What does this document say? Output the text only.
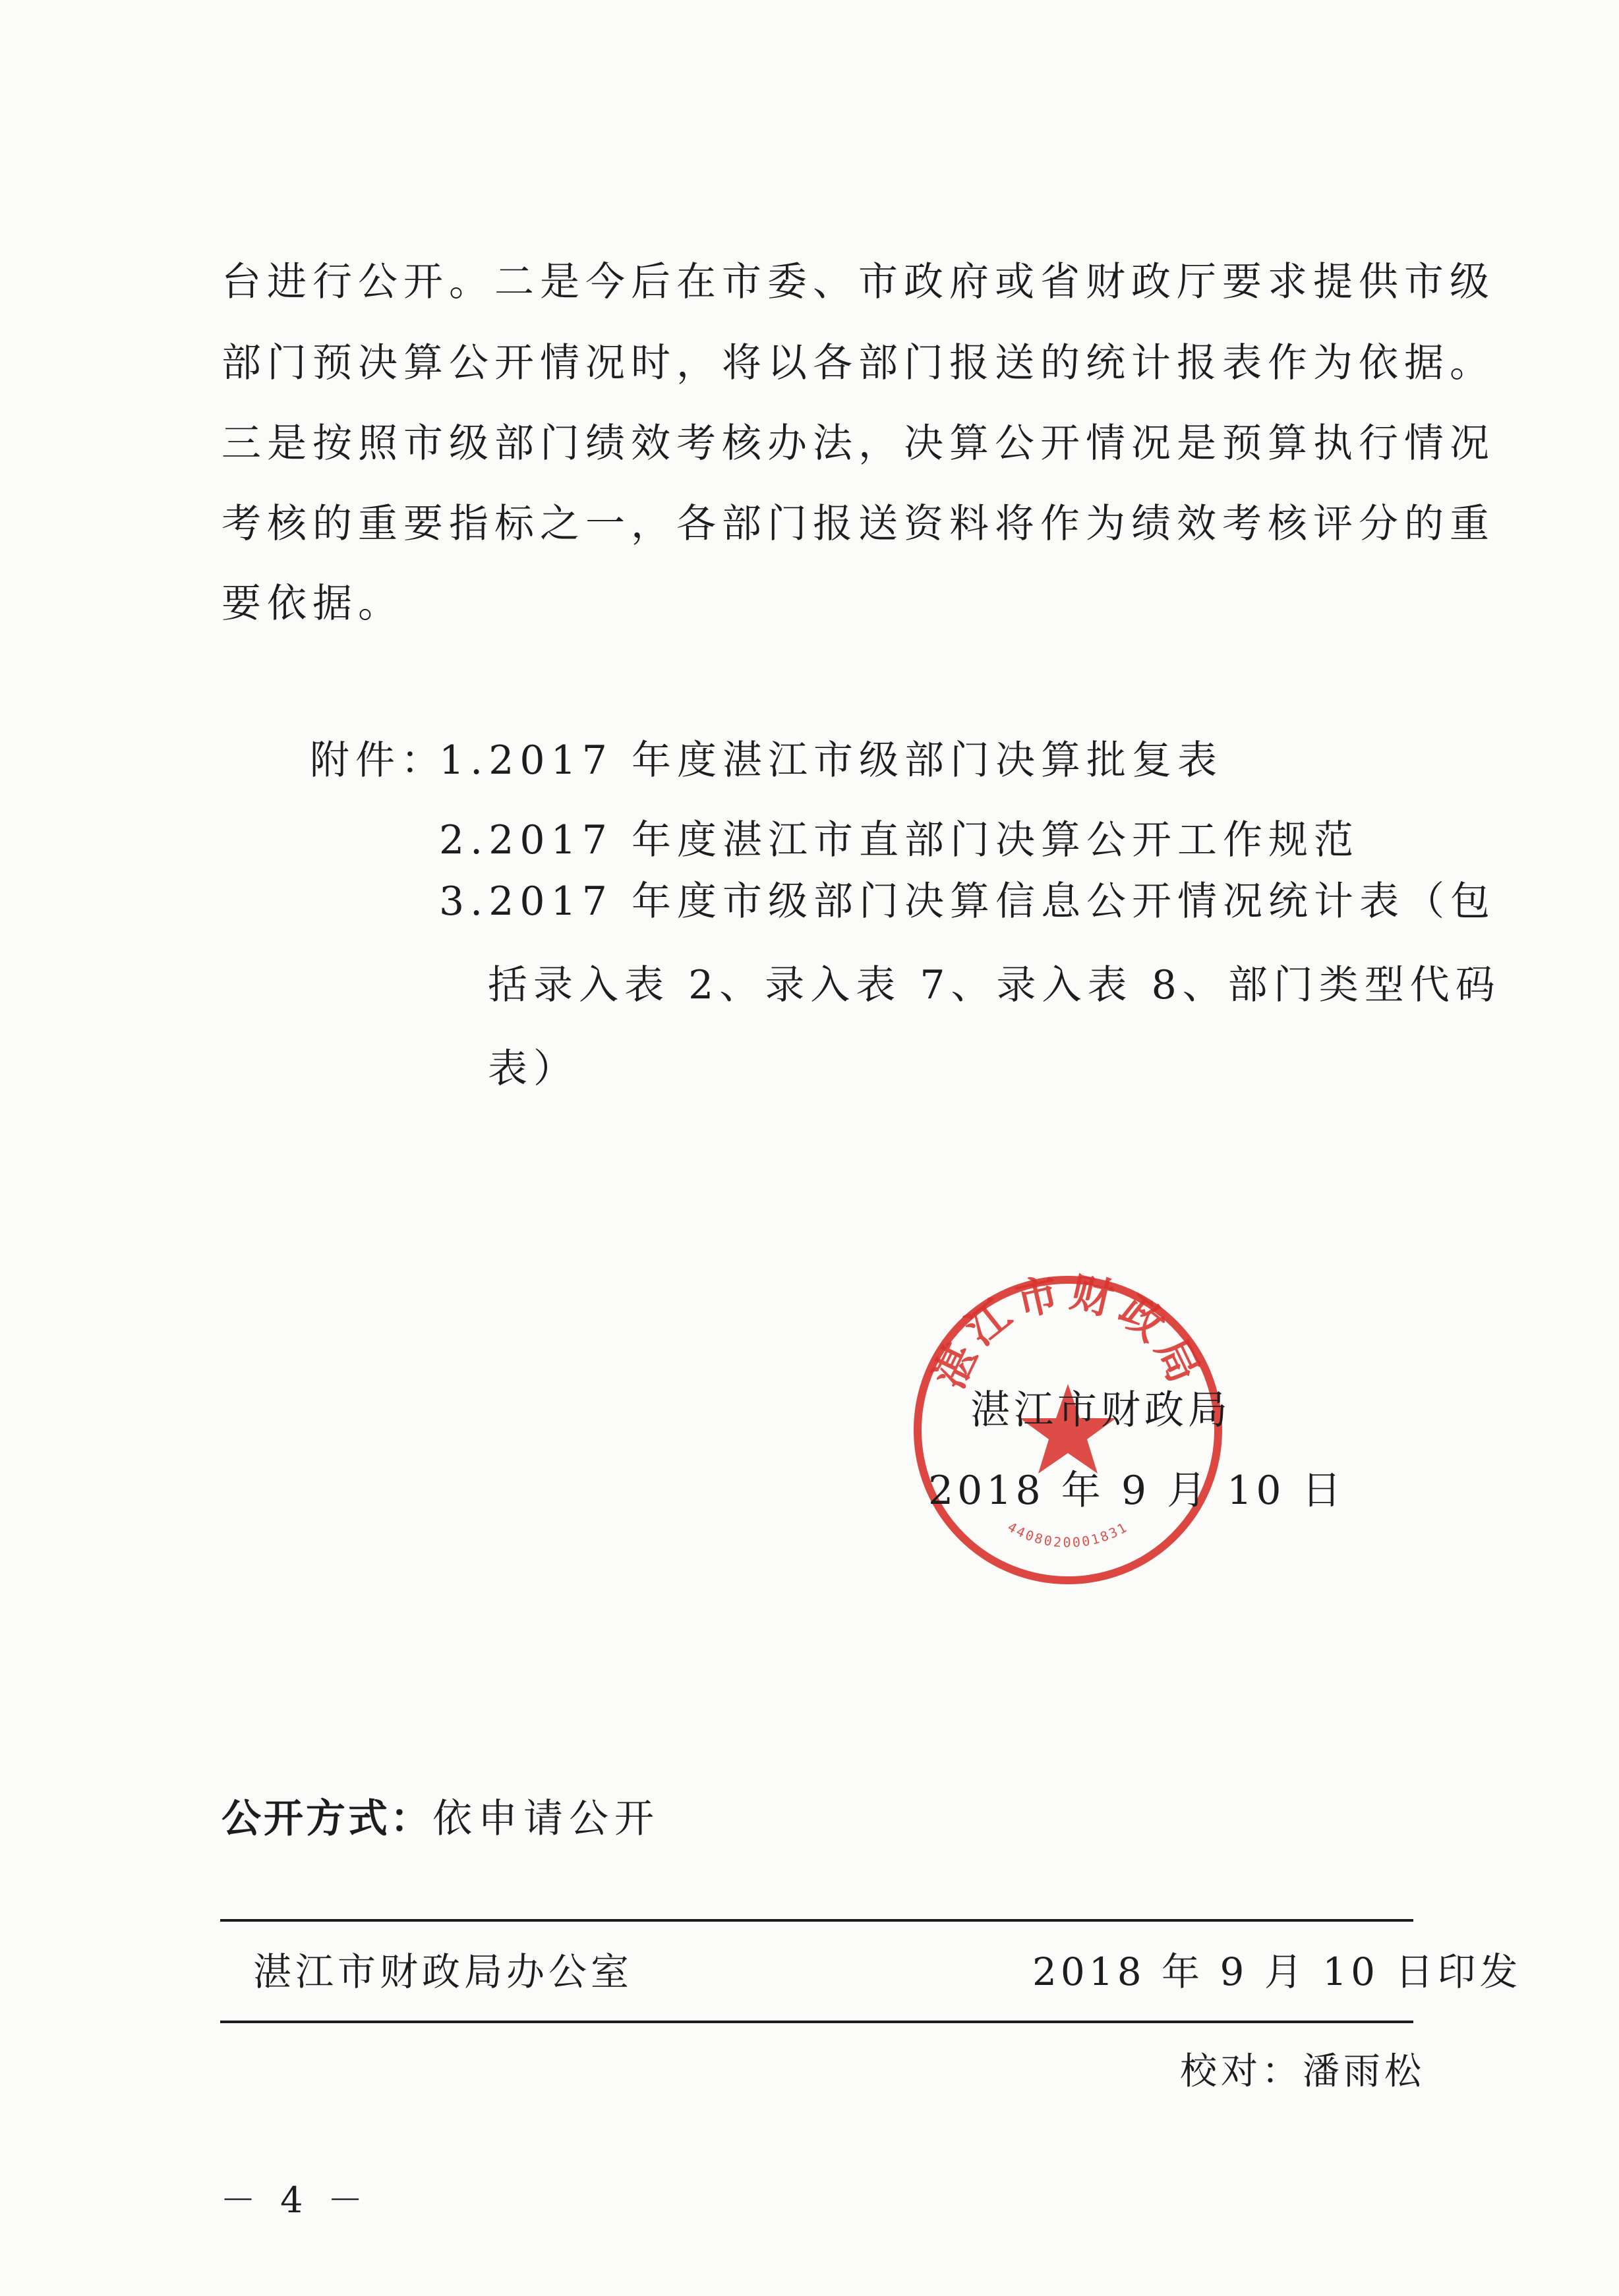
台进行公开。二是今后在市委、市政府或省财政厅要求提供市级
部门预决算公开情况时，将以各部门报送的统计报表作为依据。
三是按照市级部门绩效考核办法，决算公开情况是预算执行情况
考核的重要指标之一，各部门报送资料将作为绩效考核评分的重
要依据。
附件：
1.2017 年度湛江市级部门决算批复表
2.2017 年度湛江市直部门决算公开工作规范
3.2017 年度市级部门决算信息公开情况统计表（包
括录入表 2、录入表 7、录入表 8、部门类型代码
表）
湛江市财政局
4408020001831
湛江市财政局
2018 年 9 月 10 日
公开方式：依申请公开
湛江市财政局办公室	2018 年 9 月 10 日印发
校对：潘雨松
－ 4 －
